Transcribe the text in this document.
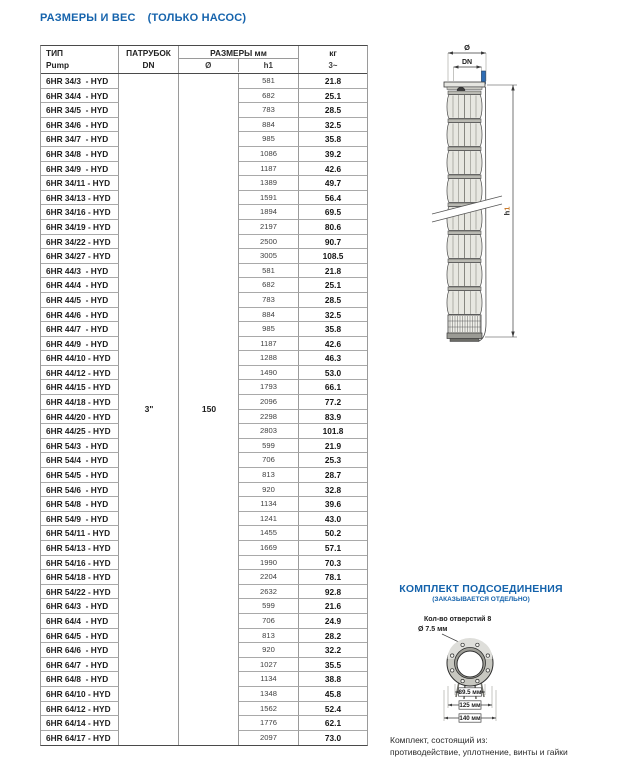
РАЗМЕРЫ И ВЕС (ТОЛЬКО НАСОС)
ТИП
Pump
ПАТРУБОК
DN
РАЗМЕРЫ мм
Ø	h1
кг
3~
6HR 34/3  - HYD	581	21.8
6HR 34/4  - HYD	682	25.1
6HR 34/5  - HYD	783	28.5
6HR 34/6  - HYD	884	32.5
6HR 34/7  - HYD	985	35.8
6HR 34/8  - HYD	1086	39.2
6HR 34/9  - HYD	1187	42.6
6HR 34/11 - HYD	1389	49.7
6HR 34/13 - HYD	1591	56.4
6HR 34/16 - HYD	1894	69.5
6HR 34/19 - HYD	2197	80.6
6HR 34/22 - HYD	2500	90.7
6HR 34/27 - HYD	3005	108.5
6HR 44/3  - HYD	581	21.8
6HR 44/4  - HYD	682	25.1
6HR 44/5  - HYD	783	28.5
6HR 44/6  - HYD	884	32.5
6HR 44/7  - HYD	985	35.8
6HR 44/9  - HYD	1187	42.6
6HR 44/10 - HYD	1288	46.3
6HR 44/12 - HYD	1490	53.0
6HR 44/15 - HYD	1793	66.1
6HR 44/18 - HYD	2096	77.2
6HR 44/20 - HYD	2298	83.9
6HR 44/25 - HYD	2803	101.8
6HR 54/3  - HYD	599	21.9
6HR 54/4  - HYD	706	25.3
6HR 54/5  - HYD	813	28.7
6HR 54/6  - HYD	920	32.8
6HR 54/8  - HYD	1134	39.6
6HR 54/9  - HYD	1241	43.0
6HR 54/11 - HYD	1455	50.2
6HR 54/13 - HYD	1669	57.1
6HR 54/16 - HYD	1990	70.3
6HR 54/18 - HYD	2204	78.1
6HR 54/22 - HYD	2632	92.8
6HR 64/3  - HYD	599	21.6
6HR 64/4  - HYD	706	24.9
6HR 64/5  - HYD	813	28.2
6HR 64/6  - HYD	920	32.2
6HR 64/7  - HYD	1027	35.5
6HR 64/8  - HYD	1134	38.8
6HR 64/10 - HYD	1348	45.8
6HR 64/12 - HYD	1562	52.4
6HR 64/14 - HYD	1776	62.1
6HR 64/17 - HYD	2097	73.0
3"	150
Ø
DN
h1
КОМПЛЕКТ ПОДСОЕДИНЕНИЯ
(ЗАКАЗЫВАЕТСЯ ОТДЕЛЬНО)
Кол-во отверстий 8
Ø 7.5 мм
89.5 мм
125 мм
140 мм
Комплект, состоящий из:
противодействие, уплотнение, винты и гайки
